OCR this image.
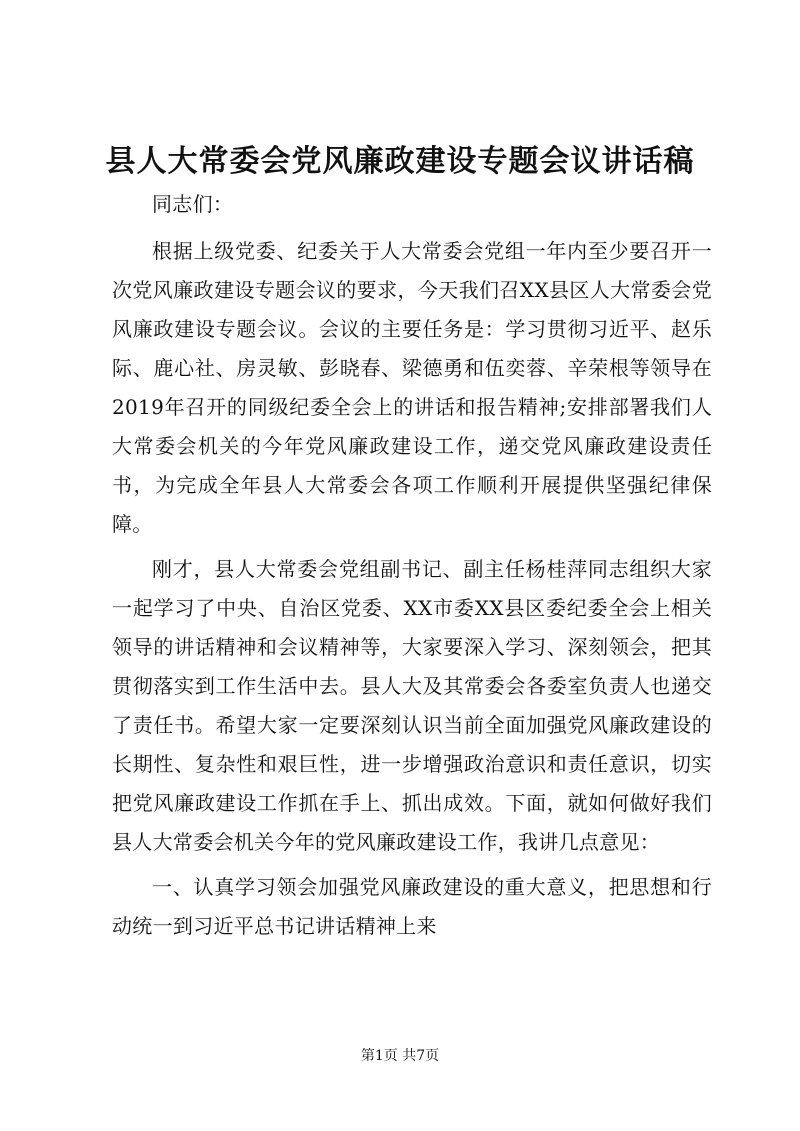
县人大常委会党风廉政建设专题会议讲话稿

同志们：

根据上级党委、纪委关于人大常委会党组一年内至少要召开一次党风廉政建设专题会议的要求，今天我们召XX县区人大常委会党风廉政建设专题会议。会议的主要任务是：学习贯彻习近平、赵乐际、鹿心社、房灵敏、彭晓春、梁德勇和伍奕蓉、辛荣根等领导在2019年召开的同级纪委全会上的讲话和报告精神;安排部署我们人大常委会机关的今年党风廉政建设工作，递交党风廉政建设责任书，为完成全年县人大常委会各项工作顺利开展提供坚强纪律保障。

刚才，县人大常委会党组副书记、副主任杨桂萍同志组织大家一起学习了中央、自治区党委、XX市委XX县区委纪委全会上相关领导的讲话精神和会议精神等，大家要深入学习、深刻领会，把其贯彻落实到工作生活中去。县人大及其常委会各委室负责人也递交了责任书。希望大家一定要深刻认识当前全面加强党风廉政建设的长期性、复杂性和艰巨性，进一步增强政治意识和责任意识，切实把党风廉政建设工作抓在手上、抓出成效。下面，就如何做好我们县人大常委会机关今年的党风廉政建设工作，我讲几点意见：

一、认真学习领会加强党风廉政建设的重大意义，把思想和行动统一到习近平总书记讲话精神上来

第1页 共7页
